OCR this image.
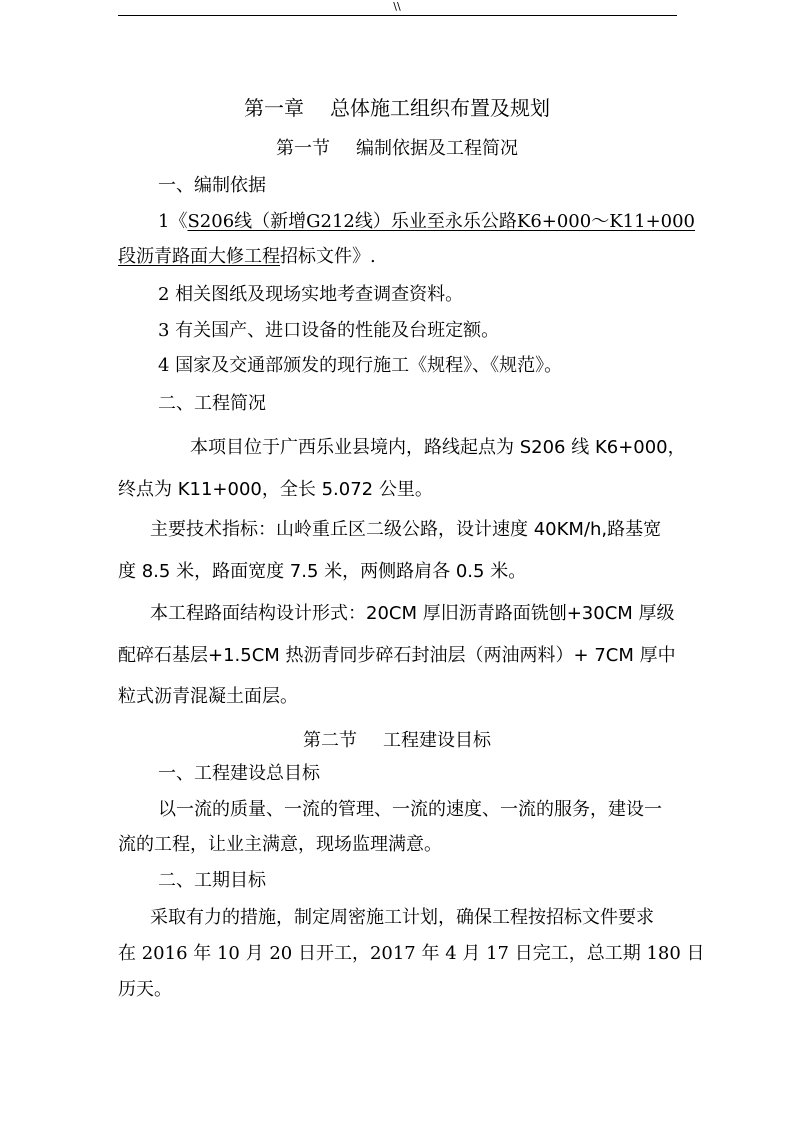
\\
第一章 总体施工组织布置及规划
第一节 编制依据及工程简况
一、编制依据
1《S206线（新增G212线）乐业至永乐公路K6+000～K11+000
段沥青路面大修工程招标文件》.
2 相关图纸及现场实地考查调查资料。
3 有关国产、进口设备的性能及台班定额。
4 国家及交通部颁发的现行施工《规程》、《规范》。
二、工程简况
本项目位于广西乐业县境内，路线起点为 S206 线 K6+000，
终点为 K11+000，全长 5.072 公里。
主要技术指标：山岭重丘区二级公路，设计速度 40KM/h,路基宽
度 8.5 米，路面宽度 7.5 米，两侧路肩各 0.5 米。
本工程路面结构设计形式：20CM 厚旧沥青路面铣刨+30CM 厚级
配碎石基层+1.5CM 热沥青同步碎石封油层（两油两料）+ 7CM 厚中
粒式沥青混凝土面层。
第二节 工程建设目标
一、工程建设总目标
以一流的质量、一流的管理、一流的速度、一流的服务，建设一
流的工程，让业主满意，现场监理满意。
二、工期目标
采取有力的措施，制定周密施工计划，确保工程按招标文件要求
在 2016 年 10 月 20 日开工，2017 年 4 月 17 日完工，总工期 180 日
历天。
